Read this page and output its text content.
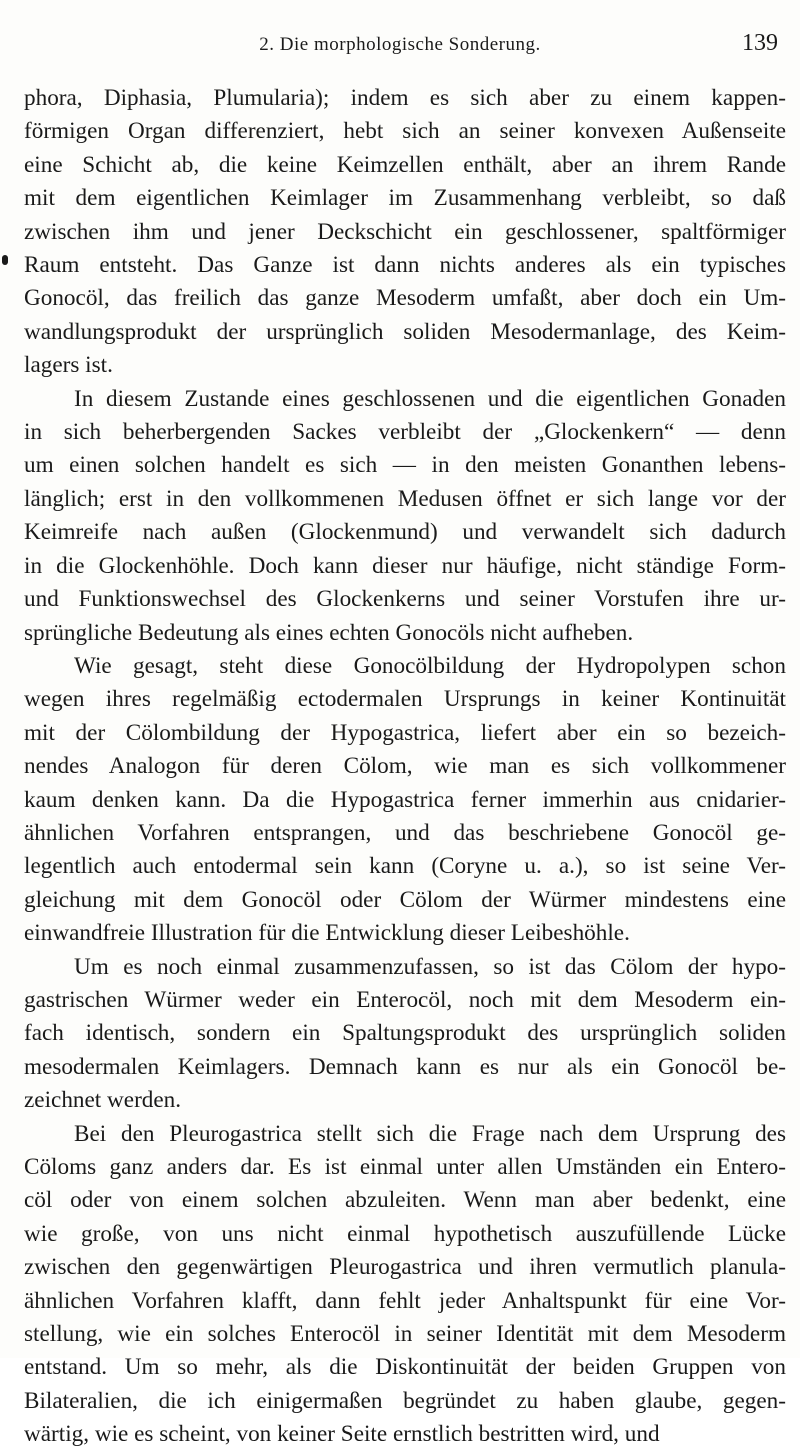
2. Die morphologische Sonderung.	139
phora, Diphasia, Plumularia); indem es sich aber zu einem kappen-
förmigen Organ differenziert, hebt sich an seiner konvexen Außenseite
eine Schicht ab, die keine Keimzellen enthält, aber an ihrem Rande
mit dem eigentlichen Keimlager im Zusammenhang verbleibt, so daß
zwischen ihm und jener Deckschicht ein geschlossener, spaltförmiger
Raum entsteht. Das Ganze ist dann nichts anderes als ein typisches
Gonocöl, das freilich das ganze Mesoderm umfaßt, aber doch ein Um-
wandlungsprodukt der ursprünglich soliden Mesodermanlage, des Keim-
lagers ist.
In diesem Zustande eines geschlossenen und die eigentlichen Gonaden
in sich beherbergenden Sackes verbleibt der „Glockenkern“ — denn
um einen solchen handelt es sich — in den meisten Gonanthen lebens-
länglich; erst in den vollkommenen Medusen öffnet er sich lange vor der
Keimreife nach außen (Glockenmund) und verwandelt sich dadurch
in die Glockenhöhle. Doch kann dieser nur häufige, nicht ständige Form-
und Funktionswechsel des Glockenkerns und seiner Vorstufen ihre ur-
sprüngliche Bedeutung als eines echten Gonocöls nicht aufheben.
Wie gesagt, steht diese Gonocölbildung der Hydropolypen schon
wegen ihres regelmäßig ectodermalen Ursprungs in keiner Kontinuität
mit der Cölombildung der Hypogastrica, liefert aber ein so bezeich-
nendes Analogon für deren Cölom, wie man es sich vollkommener
kaum denken kann. Da die Hypogastrica ferner immerhin aus cnidarier-
ähnlichen Vorfahren entsprangen, und das beschriebene Gonocöl ge-
legentlich auch entodermal sein kann (Coryne u. a.), so ist seine Ver-
gleichung mit dem Gonocöl oder Cölom der Würmer mindestens eine
einwandfreie Illustration für die Entwicklung dieser Leibeshöhle.
Um es noch einmal zusammenzufassen, so ist das Cölom der hypo-
gastrischen Würmer weder ein Enterocöl, noch mit dem Mesoderm ein-
fach identisch, sondern ein Spaltungsprodukt des ursprünglich soliden
mesodermalen Keimlagers. Demnach kann es nur als ein Gonocöl be-
zeichnet werden.
Bei den Pleurogastrica stellt sich die Frage nach dem Ursprung des
Cöloms ganz anders dar. Es ist einmal unter allen Umständen ein Entero-
cöl oder von einem solchen abzuleiten. Wenn man aber bedenkt, eine
wie große, von uns nicht einmal hypothetisch auszufüllende Lücke
zwischen den gegenwärtigen Pleurogastrica und ihren vermutlich planula-
ähnlichen Vorfahren klafft, dann fehlt jeder Anhaltspunkt für eine Vor-
stellung, wie ein solches Enterocöl in seiner Identität mit dem Mesoderm
entstand. Um so mehr, als die Diskontinuität der beiden Gruppen von
Bilateralien, die ich einigermaßen begründet zu haben glaube, gegen-
wärtig, wie es scheint, von keiner Seite ernstlich bestritten wird, und
